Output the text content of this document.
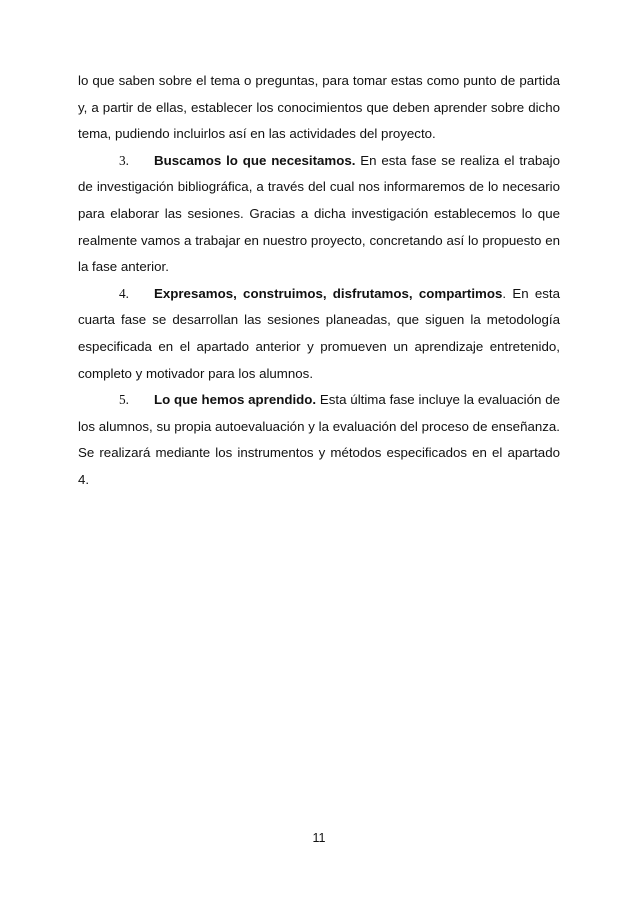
lo que saben sobre el tema o preguntas, para tomar estas como punto de partida y, a partir de ellas, establecer los conocimientos que deben aprender sobre dicho tema, pudiendo incluirlos así en las actividades del proyecto.

3. Buscamos lo que necesitamos. En esta fase se realiza el trabajo de investigación bibliográfica, a través del cual nos informaremos de lo necesario para elaborar las sesiones. Gracias a dicha investigación establecemos lo que realmente vamos a trabajar en nuestro proyecto, concretando así lo propuesto en la fase anterior.

4. Expresamos, construimos, disfrutamos, compartimos. En esta cuarta fase se desarrollan las sesiones planeadas, que siguen la metodología especificada en el apartado anterior y promueven un aprendizaje entretenido, completo y motivador para los alumnos.

5. Lo que hemos aprendido. Esta última fase incluye la evaluación de los alumnos, su propia autoevaluación y la evaluación del proceso de enseñanza. Se realizará mediante los instrumentos y métodos especificados en el apartado 4.

11
